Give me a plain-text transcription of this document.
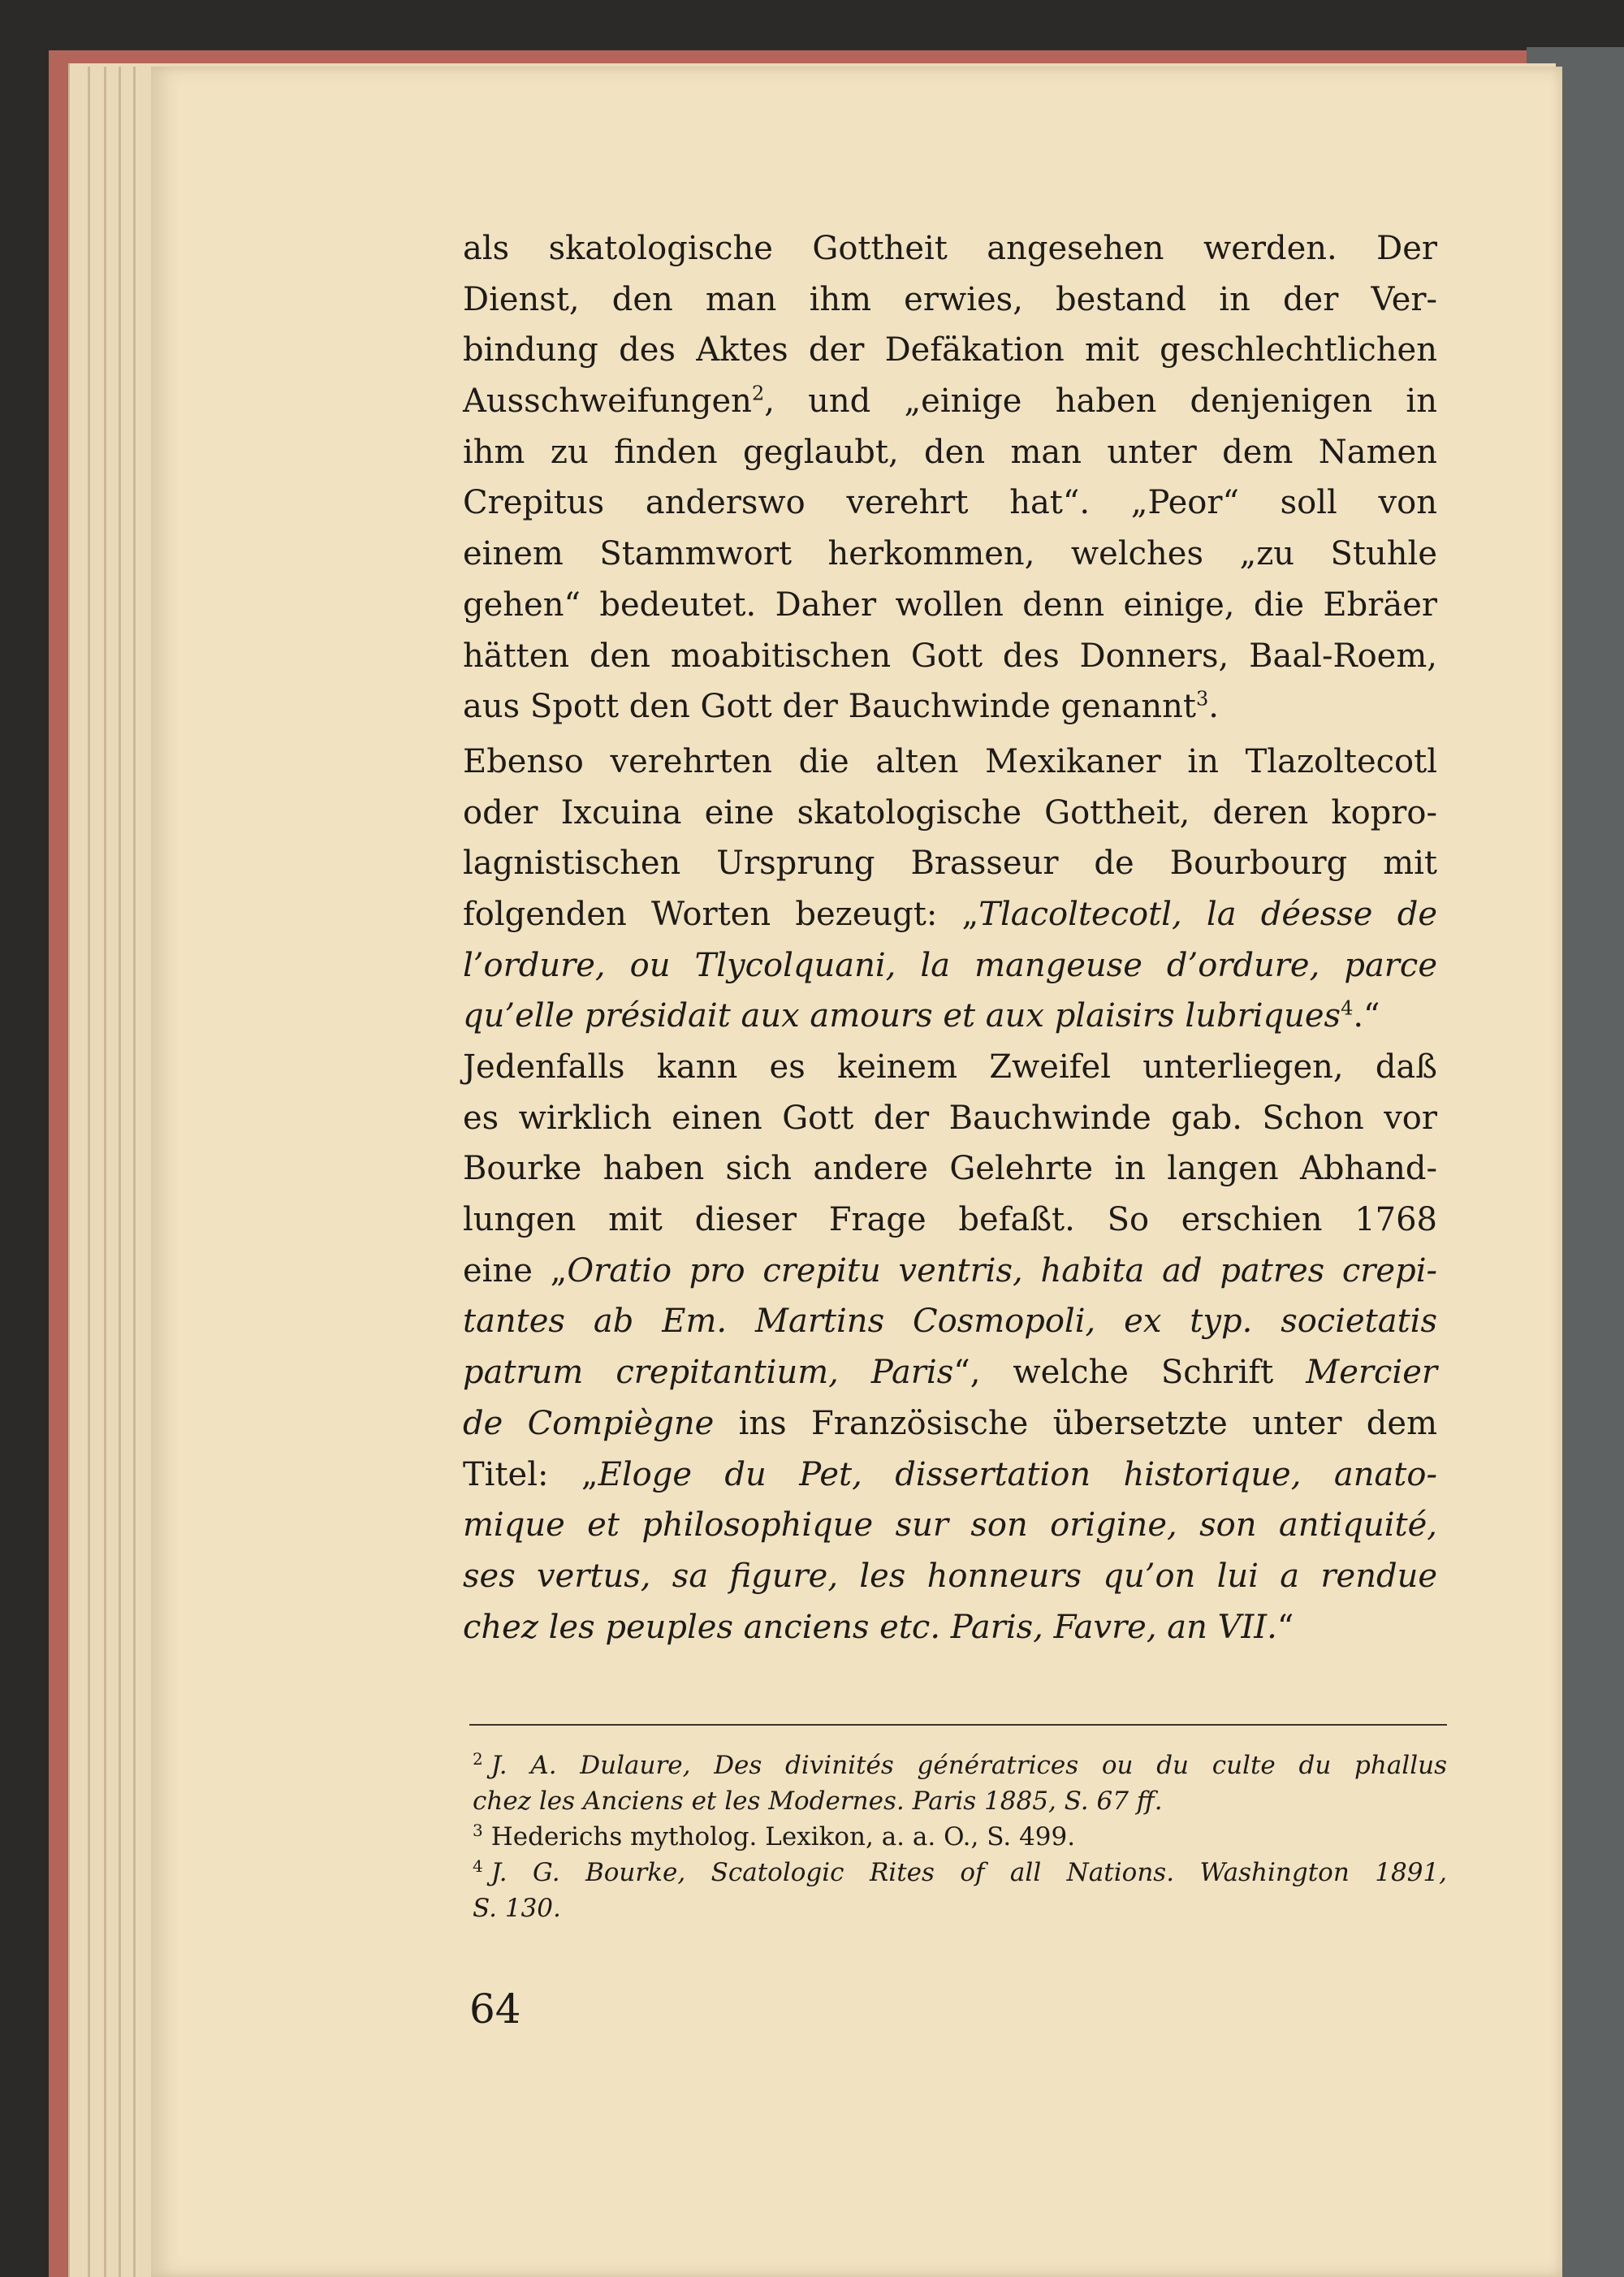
als skatologische Gottheit angesehen werden. Der
Dienst, den man ihm erwies, bestand in der Ver-
bindung des Aktes der Defäkation mit geschlechtlichen
Ausschweifungen$^2$, und „einige haben denjenigen in
ihm zu finden geglaubt, den man unter dem Namen
Crepitus anderswo verehrt hat“. „Peor“ soll von
einem Stammwort herkommen, welches „zu Stuhle
gehen“ bedeutet. Daher wollen denn einige, die Ebräer
hätten den moabitischen Gott des Donners, Baal-Roem,
aus Spott den Gott der Bauchwinde genannt$^3$.
Ebenso verehrten die alten Mexikaner in Tlazoltecotl
oder Ixcuina eine skatologische Gottheit, deren kopro-
lagnistischen Ursprung Brasseur de Bourbourg mit
folgenden Worten bezeugt: „Tlacoltecotl, la déesse de
l’ordure, ou Tlycolquani, la mangeuse d’ordure, parce
qu’elle présidait aux amours et aux plaisirs lubriques$^4$.“
Jedenfalls kann es keinem Zweifel unterliegen, daß
es wirklich einen Gott der Bauchwinde gab. Schon vor
Bourke haben sich andere Gelehrte in langen Abhand-
lungen mit dieser Frage befaßt. So erschien 1768
eine „Oratio pro crepitu ventris, habita ad patres crepi-
tantes ab Em. Martins Cosmopoli, ex typ. societatis
patrum crepitantium, Paris“, welche Schrift Mercier
de Compiègne ins Französische übersetzte unter dem
Titel: „Eloge du Pet, dissertation historique, anato-
mique et philosophique sur son origine, son antiquité,
ses vertus, sa figure, les honneurs qu’on lui a rendue
chez les peuples anciens etc. Paris, Favre, an VII.“
$^2$ J. A. Dulaure, Des divinités génératrices ou du culte du phallus
chez les Anciens et les Modernes. Paris 1885, S. 67 ff.
$^3$ Hederichs mytholog. Lexikon, a. a. O., S. 499.
$^4$ J. G. Bourke, Scatologic Rites of all Nations. Washington 1891,
S. 130.
64
